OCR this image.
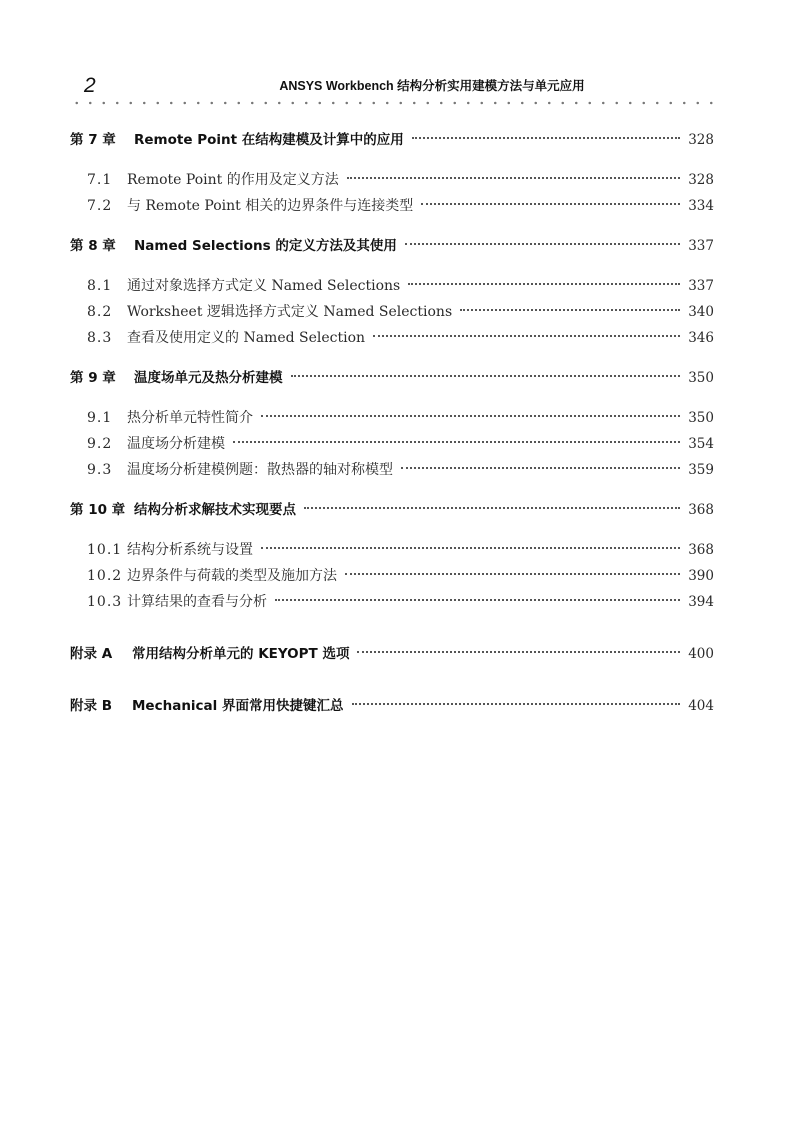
2	ANSYS Workbench 结构分析实用建模方法与单元应用
第 7 章 Remote Point 在结构建模及计算中的应用	328
7.1 Remote Point 的作用及定义方法	328
7.2 与 Remote Point 相关的边界条件与连接类型	334
第 8 章 Named Selections 的定义方法及其使用	337
8.1 通过对象选择方式定义 Named Selections	337
8.2 Worksheet 逻辑选择方式定义 Named Selections	340
8.3 查看及使用定义的 Named Selection	346
第 9 章 温度场单元及热分析建模	350
9.1 热分析单元特性简介	350
9.2 温度场分析建模	354
9.3 温度场分析建模例题：散热器的轴对称模型	359
第 10 章 结构分析求解技术实现要点	368
10.1 结构分析系统与设置	368
10.2 边界条件与荷载的类型及施加方法	390
10.3 计算结果的查看与分析	394
附录 A 常用结构分析单元的 KEYOPT 选项	400
附录 B Mechanical 界面常用快捷键汇总	404
